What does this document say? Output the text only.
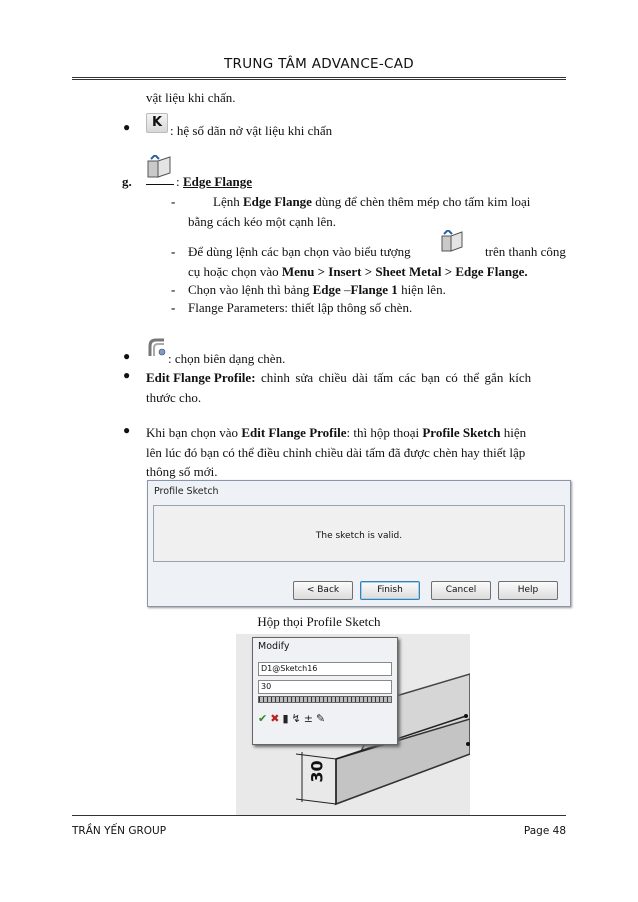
TRUNG TÂM ADVANCE-CAD
vật liệu khi chấn.
● K
: hệ số dãn nở vật liệu khi chấn
g.	: Edge Flange
-	Lệnh Edge Flange dùng để chèn thêm mép cho tấm kim loại
bằng cách kéo một cạnh lên.
- Để dùng lệnh các bạn chọn vào biểu tượng	trên thanh công
cụ hoặc chọn vào Menu > Insert > Sheet Metal > Edge Flange.
- Chọn vào lệnh thì bảng Edge –Flange 1 hiện lên.
- Flange Parameters: thiết lập thông số chèn.
●	: chọn biên dạng chèn.
● Edit Flange Profile: chỉnh sửa chiều dài tấm các bạn có thể gắn kích
thước cho.
● Khi bạn chọn vào Edit Flange Profile: thì hộp thoại Profile Sketch hiện
lên lúc đó bạn có thể điều chỉnh chiều dài tấm đã được chèn hay thiết lập
thông số mới.
Profile Sketch
The sketch is valid.
< Back	Finish	Cancel	Help
Hộp thọi Profile Sketch
30
Modify
D1@Sketch16
30
✔✖▮↯±✎
TRẦN YẾN GROUP	Page 48
